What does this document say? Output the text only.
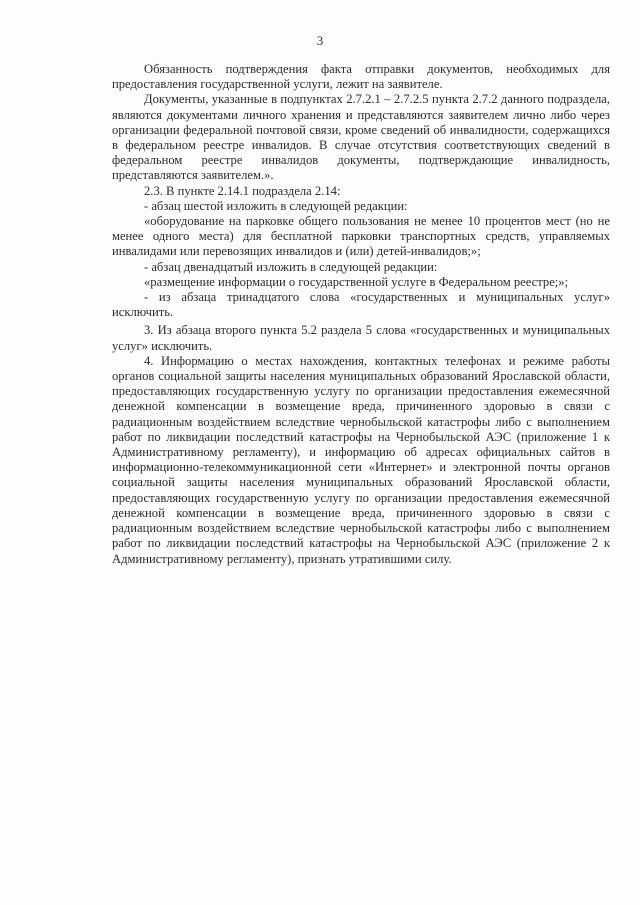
3

Обязанность подтверждения факта отправки документов, необходимых для предоставления государственной услуги, лежит на заявителе.

Документы, указанные в подпунктах 2.7.2.1 – 2.7.2.5 пункта 2.7.2 данного подраздела, являются документами личного хранения и представляются заявителем лично либо через организации федеральной почтовой связи, кроме сведений об инвалидности, содержащихся в федеральном реестре инвалидов. В случае отсутствия соответствующих сведений в федеральном реестре инвалидов документы, подтверждающие инвалидность, представляются заявителем.».

2.3. В пункте 2.14.1 подраздела 2.14:

- абзац шестой изложить в следующей редакции:

«оборудование на парковке общего пользования не менее 10 процентов мест (но не менее одного места) для бесплатной парковки транспортных средств, управляемых инвалидами или перевозящих инвалидов и (или) детей-инвалидов;»;

- абзац двенадцатый изложить в следующей редакции:

«размещение информации о государственной услуге в Федеральном реестре;»;

- из абзаца тринадцатого слова «государственных и муниципальных услуг» исключить.

3. Из абзаца второго пункта 5.2 раздела 5 слова «государственных и муниципальных услуг» исключить.

4. Информацию о местах нахождения, контактных телефонах и режиме работы органов социальной защиты населения муниципальных образований Ярославской области, предоставляющих государственную услугу по организации предоставления ежемесячной денежной компенсации в возмещение вреда, причиненного здоровью в связи с радиационным воздействием вследствие чернобыльской катастрофы либо с выполнением работ по ликвидации последствий катастрофы на Чернобыльской АЭС (приложение 1 к Административному регламенту), и информацию об адресах официальных сайтов в информационно-телекоммуникационной сети «Интернет» и электронной почты органов социальной защиты населения муниципальных образований Ярославской области, предоставляющих государственную услугу по организации предоставления ежемесячной денежной компенсации в возмещение вреда, причиненного здоровью в связи с радиационным воздействием вследствие чернобыльской катастрофы либо с выполнением работ по ликвидации последствий катастрофы на Чернобыльской АЭС (приложение 2 к Административному регламенту), признать утратившими силу.
